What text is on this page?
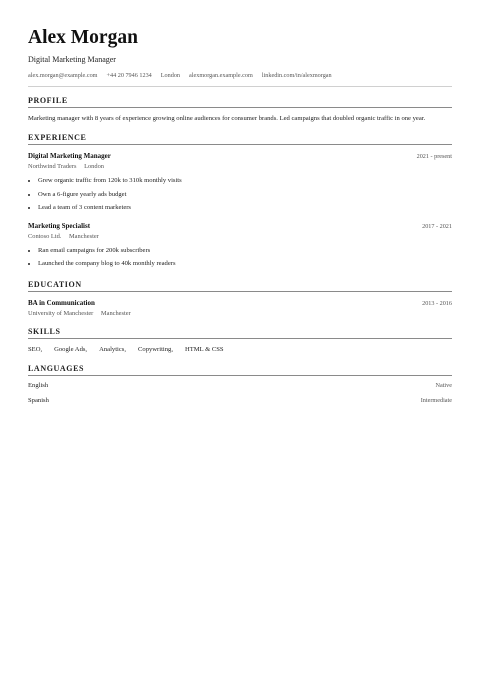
Alex Morgan
Digital Marketing Manager
alex.morgan@example.com +44 20 7946 1234 London alexmorgan.example.com linkedin.com/in/alexmorgan
PROFILE
Marketing manager with 8 years of experience growing online audiences for consumer brands. Led campaigns that doubled organic traffic in one year.
EXPERIENCE
Digital Marketing Manager	2021 - present
Northwind Traders London
• Grew organic traffic from 120k to 310k monthly visits
• Own a 6-figure yearly ads budget
• Lead a team of 3 content marketers
Marketing Specialist	2017 - 2021
Contoso Ltd. Manchester
• Ran email campaigns for 200k subscribers
• Launched the company blog to 40k monthly readers
EDUCATION
BA in Communication	2013 - 2016
University of Manchester Manchester
SKILLS
SEO, Google Ads, Analytics, Copywriting, HTML & CSS
LANGUAGES
English	Native
Spanish	Intermediate
